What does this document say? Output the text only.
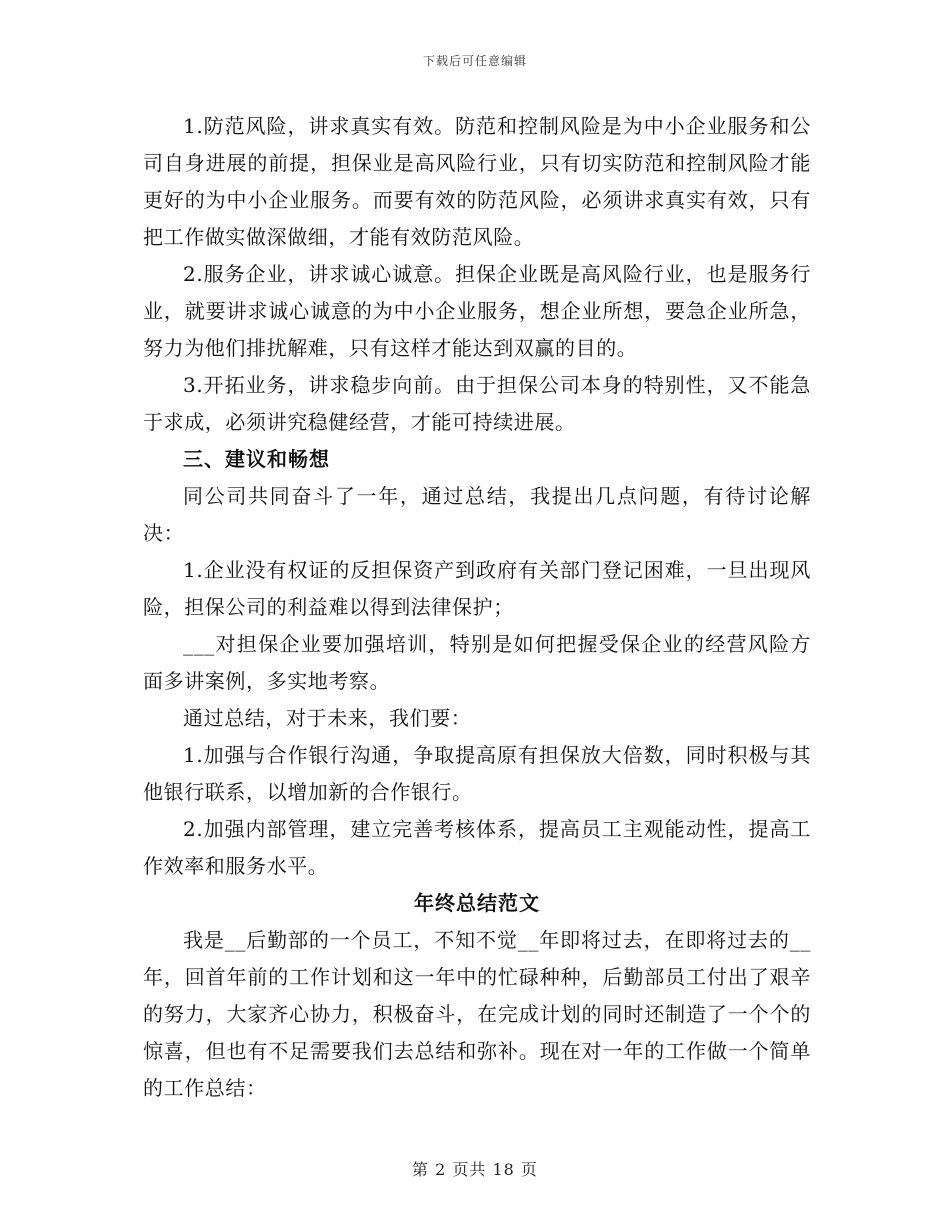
下载后可任意编辑

1.防范风险，讲求真实有效。防范和控制风险是为中小企业服务和公司自身进展的前提，担保业是高风险行业，只有切实防范和控制风险才能更好的为中小企业服务。而要有效的防范风险，必须讲求真实有效，只有把工作做实做深做细，才能有效防范风险。

2.服务企业，讲求诚心诚意。担保企业既是高风险行业，也是服务行业，就要讲求诚心诚意的为中小企业服务，想企业所想，要急企业所急，努力为他们排扰解难，只有这样才能达到双赢的目的。

3.开拓业务，讲求稳步向前。由于担保公司本身的特别性，又不能急于求成，必须讲究稳健经营，才能可持续进展。

三、建议和畅想

同公司共同奋斗了一年，通过总结，我提出几点问题，有待讨论解决：

1.企业没有权证的反担保资产到政府有关部门登记困难，一旦出现风险，担保公司的利益难以得到法律保护；

___对担保企业要加强培训，特别是如何把握受保企业的经营风险方面多讲案例，多实地考察。

通过总结，对于未来，我们要：

1.加强与合作银行沟通，争取提高原有担保放大倍数，同时积极与其他银行联系，以增加新的合作银行。

2.加强内部管理，建立完善考核体系，提高员工主观能动性，提高工作效率和服务水平。

年终总结范文

我是__后勤部的一个员工，不知不觉__年即将过去，在即将过去的__年，回首年前的工作计划和这一年中的忙碌种种，后勤部员工付出了艰辛的努力，大家齐心协力，积极奋斗，在完成计划的同时还制造了一个个的惊喜，但也有不足需要我们去总结和弥补。现在对一年的工作做一个简单的工作总结：

第 2 页共 18 页
